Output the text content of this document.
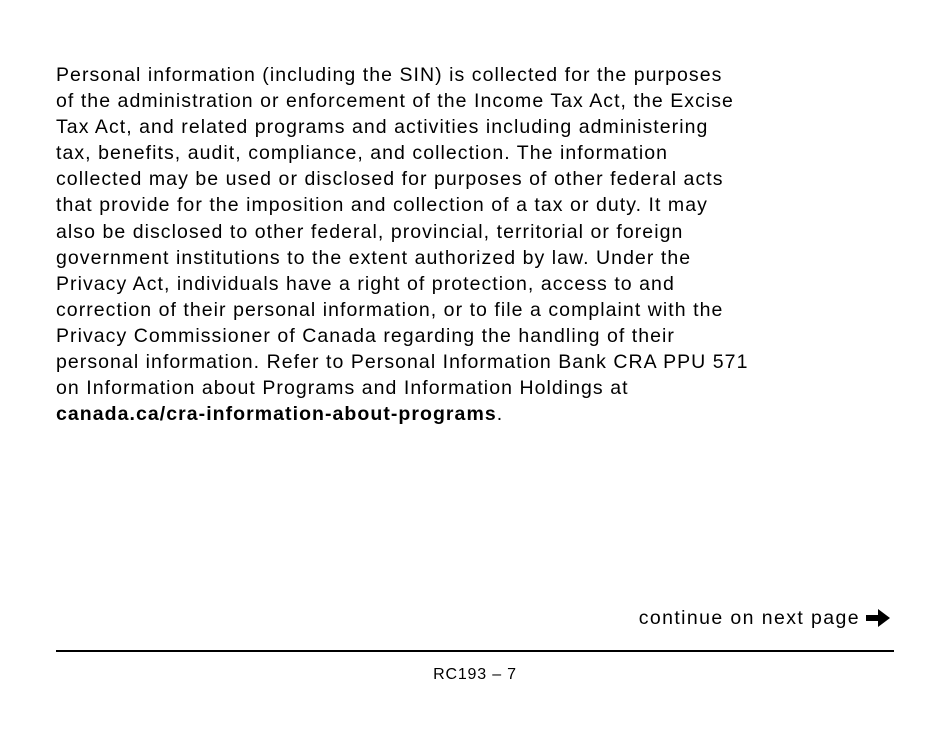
Personal information (including the SIN) is collected for the purposes
of the administration or enforcement of the Income Tax Act, the Excise
Tax Act, and related programs and activities including administering
tax, benefits, audit, compliance, and collection. The information
collected may be used or disclosed for purposes of other federal acts
that provide for the imposition and collection of a tax or duty. It may
also be disclosed to other federal, provincial, territorial or foreign
government institutions to the extent authorized by law. Under the
Privacy Act, individuals have a right of protection, access to and
correction of their personal information, or to file a complaint with the
Privacy Commissioner of Canada regarding the handling of their
personal information. Refer to Personal Information Bank CRA PPU 571
on Information about Programs and Information Holdings at
canada.ca/cra-information-about-programs.

continue on next page
RC193 – 7
